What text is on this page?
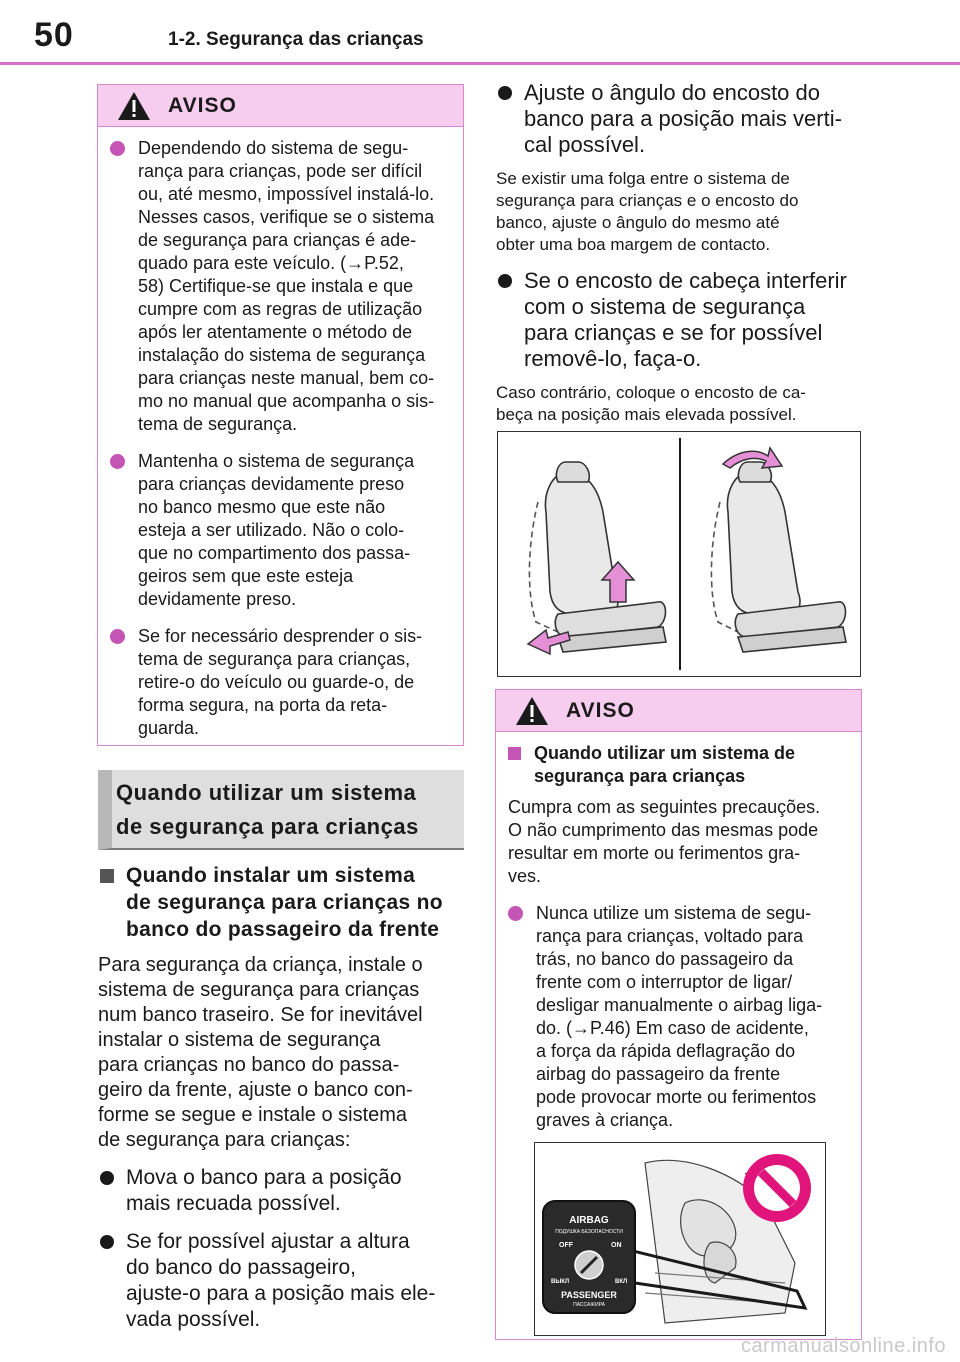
50	1-2. Segurança das crianças
AVISO
Dependendo do sistema de segu-
rança para crianças, pode ser difícil
ou, até mesmo, impossível instalá-lo.
Nesses casos, verifique se o sistema
de segurança para crianças é ade-
quado para este veículo. (→P.52,
58) Certifique-se que instala e que
cumpre com as regras de utilização
após ler atentamente o método de
instalação do sistema de segurança
para crianças neste manual, bem co-
mo no manual que acompanha o sis-
tema de segurança.
Mantenha o sistema de segurança
para crianças devidamente preso
no banco mesmo que este não
esteja a ser utilizado. Não o colo-
que no compartimento dos passa-
geiros sem que este esteja
devidamente preso.
Se for necessário desprender o sis-
tema de segurança para crianças,
retire-o do veículo ou guarde-o, de
forma segura, na porta da reta-
guarda.
Quando utilizar um sistema
de segurança para crianças
Quando instalar um sistema
de segurança para crianças no
banco do passageiro da frente
Para segurança da criança, instale o
sistema de segurança para crianças
num banco traseiro. Se for inevitável
instalar o sistema de segurança
para crianças no banco do passa-
geiro da frente, ajuste o banco con-
forme se segue e instale o sistema
de segurança para crianças:
Mova o banco para a posição
mais recuada possível.
Se for possível ajustar a altura
do banco do passageiro,
ajuste-o para a posição mais ele-
vada possível.
Ajuste o ângulo do encosto do
banco para a posição mais verti-
cal possível.
Se existir uma folga entre o sistema de
segurança para crianças e o encosto do
banco, ajuste o ângulo do mesmo até
obter uma boa margem de contacto.
Se o encosto de cabeça interferir
com o sistema de segurança
para crianças e se for possível
removê-lo, faça-o.
Caso contrário, coloque o encosto de ca-
beça na posição mais elevada possível.
AVISO
Quando utilizar um sistema de
segurança para crianças
Cumpra com as seguintes precauções.
O não cumprimento das mesmas pode
resultar em morte ou ferimentos gra-
ves.
Nunca utilize um sistema de segu-
rança para crianças, voltado para
trás, no banco do passageiro da
frente com o interruptor de ligar/
desligar manualmente o airbag liga-
do. (→P.46) Em caso de acidente,
a força da rápida deflagração do
airbag do passageiro da frente
pode provocar morte ou ferimentos
graves à criança.
AIRBAG
ПОДУШКА БЕЗОПАСНОСТИ
OFF	ON
ВЫКЛ	ВКЛ
PASSENGER
ПАССАЖИРА
carmanualsonline.info
